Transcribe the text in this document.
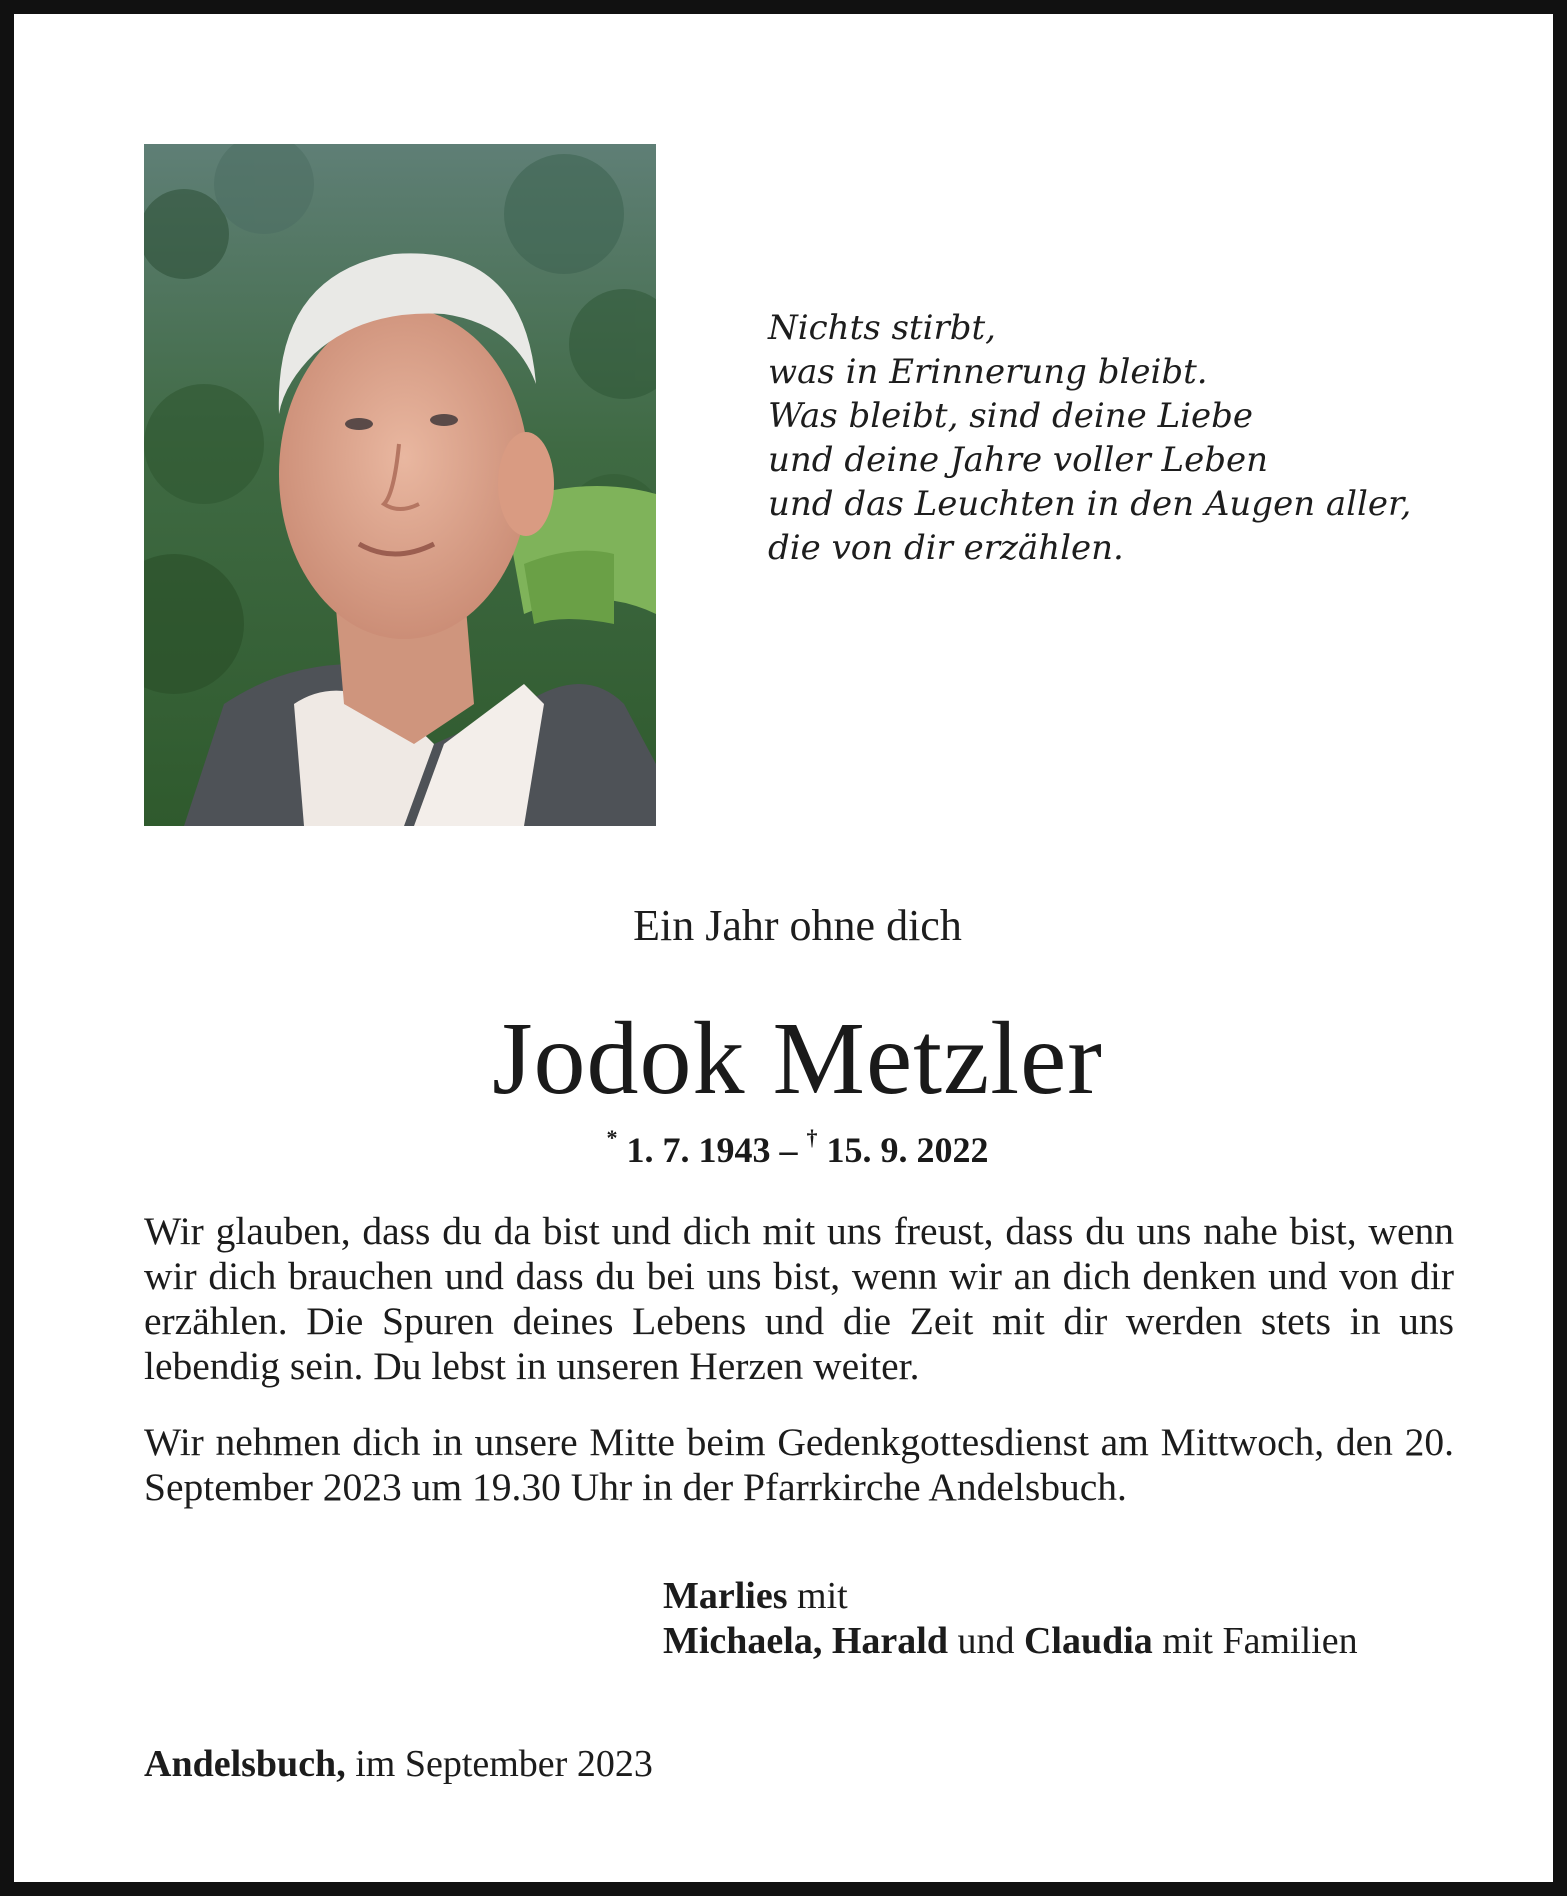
Nichts stirbt,
was in Erinnerung bleibt.
Was bleibt, sind deine Liebe
und deine Jahre voller Leben
und das Leuchten in den Augen aller,
die von dir erzählen.
Ein Jahr ohne dich
Jodok Metzler
* 1. 7. 1943 – † 15. 9. 2022
Wir glauben, dass du da bist und dich mit uns freust, dass du uns nahe bist, wenn wir dich brauchen und dass du bei uns bist, wenn wir an dich denken und von dir erzählen. Die Spuren deines Lebens und die Zeit mit dir werden stets in uns lebendig sein. Du lebst in unseren Herzen weiter.
Wir nehmen dich in unsere Mitte beim Gedenkgottesdienst am Mittwoch, den 20. September 2023 um 19.30 Uhr in der Pfarrkirche Andelsbuch.
Marlies mit
Michaela, Harald und Claudia mit Familien
Andelsbuch, im September 2023
